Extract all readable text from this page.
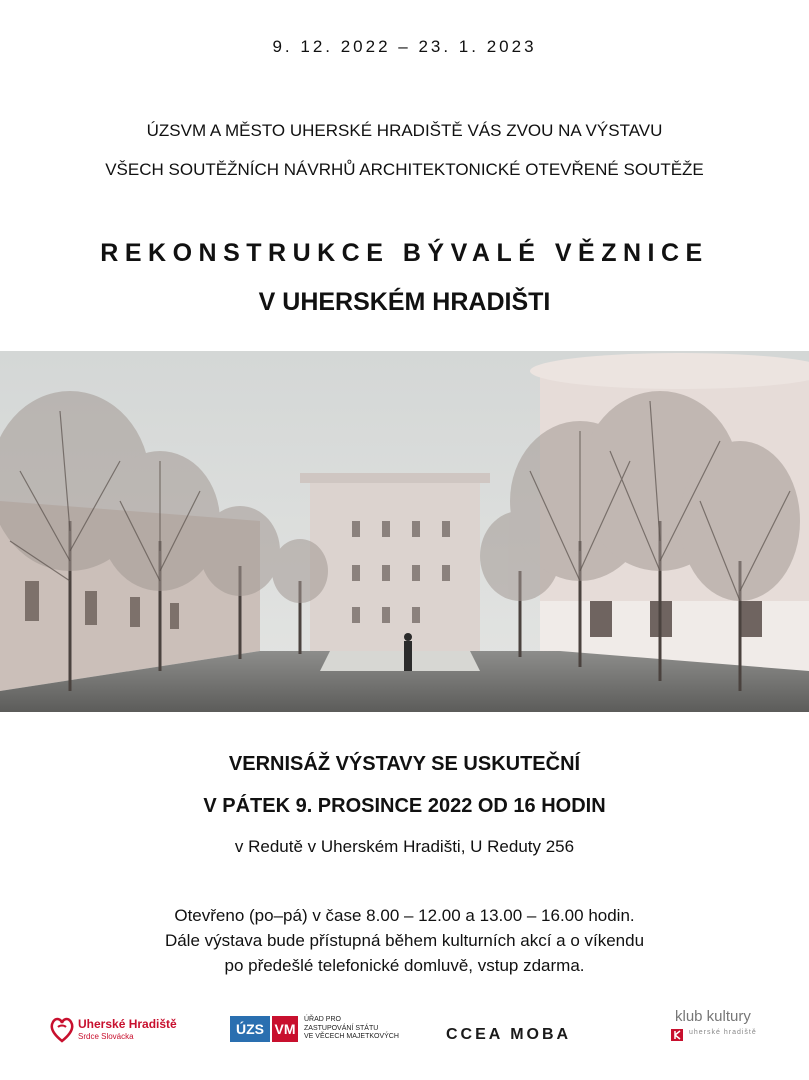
9. 12. 2022 – 23. 1. 2023
ÚZSVM A MĚSTO UHERSKÉ HRADIŠTĚ VÁS ZVOU NA VÝSTAVU
VŠECH SOUTĚŽNÍCH NÁVRHŮ ARCHITEKTONICKÉ OTEVŘENÉ SOUTĚŽE
REKONSTRUKCE BÝVALÉ VĚZNICE
V UHERSKÉM HRADIŠTI
VERNISÁŽ VÝSTAVY SE USKUTEČNÍ
V PÁTEK 9. PROSINCE 2022 OD 16 HODIN
v Redutě v Uherském Hradišti, U Reduty 256
Otevřeno (po–pá) v čase 8.00 – 12.00 a 13.00 – 16.00 hodin.
Dále výstava bude přístupná během kulturních akcí a o víkendu
po předešlé telefonické domluvě, vstup zdarma.
Uherské Hradiště
Srdce Slovácka	ÚZS VM
ÚŘAD PRO
ZASTUPOVÁNÍ STÁTU
VE VĚCECH MAJETKOVÝCH	CCEA MOBA
klub kultury
uherské hradiště
